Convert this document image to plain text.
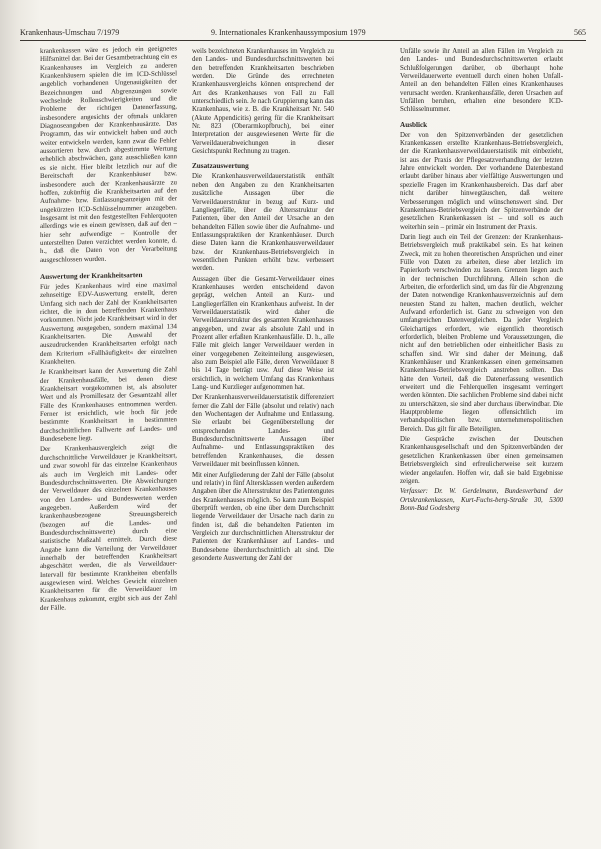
Krankenhaus-Umschau 7/1979	9. Internationales Krankenhaussymposium 1979	565

krankenkassen wäre es jedoch ein geeignetes Hilfsmittel dar. Bei der Gesamtbetrachtung ein es Krankenhauses im Vergleich zu anderen Krankenhäusern spielen die im ICD-Schlüssel angeblich vorhandenen Ungenauigkeiten der Bezeichnungen und Abgrenzungen sowie wechselnde Rollenschwierigkeiten und die Probleme der richtigen Datenerfassung, insbesondere angesichts der oftmals unklaren Diagnoseangaben der Krankenhausärzte. Das Programm, das wir entwickelt haben und auch weiter entwickeln werden, kann zwar die Fehler aussortieren bzw. durch abgestimmte Wertung erheblich abschwächen, ganz ausschließen kann es sie nicht. Hier bleibt letztlich nur auf die Bereitschaft der Krankenhäuser bzw. insbesondere auch der Krankenhausärzte zu hoffen, zukünftig die Krankheitsarten auf den Aufnahme- bzw. Entlassungsanzeigen mit der ungekürzten ICD-Schlüsselnummer anzugeben. Insgesamt ist mit den festgestellten Fehlerquoten allerdings wie es einem gewissen, daß auf den – hier sehr aufwendige – Kontrolle der unterstellten Daten verzichtet werden konnte, d. h., daß die Daten von der Verarbeitung ausgeschlossen wurden.

Auswertung der Krankheitsarten

Für jedes Krankenhaus wird eine maximal zehnseitige EDV-Auswertung erstellt, deren Umfang sich nach der Zahl der Krankheitsarten richtet, die in dem betreffenden Krankenhaus vorkommen. Nicht jede Krankheitsart wird in der Auswertung ausgegeben, sondern maximal 134 Krankheitsarten. Die Auswahl der auszudruckenden Krankheitsarten erfolgt nach dem Kriterium »Fallhäufigkeit« der einzelnen Krankheiten.

Je Krankheitsart kann der Auswertung die Zahl der Krankenhausfälle, bei denen diese Krankheitsart vorgekommen ist, als absoluter Wert und als Promillesatz der Gesamtzahl aller Fälle des Krankenhauses entnommen werden. Ferner ist ersichtlich, wie hoch für jede bestimmte Krankheitsart in bestimmten durchschnittlichen Fallwerte auf Landes- und Bundesebene liegt.

Der Krankenhausvergleich zeigt die durchschnittliche Verweildauer je Krankheitsart, und zwar sowohl für das einzelne Krankenhaus als auch im Vergleich mit Landes- oder Bundesdurchschnittswerten. Die Abweichungen der Verweildauer des einzelnen Krankenhauses von den Landes- und Bundeswerten werden angegeben. Außerdem wird der krankenhausbezogene Streuungsbereich (bezogen auf die Landes- und Bundesdurchschnittswerte) durch eine statistische Maßzahl ermittelt. Durch diese Angabe kann die Verteilung der Verweildauer innerhalb der betreffenden Krankheitsart abgeschätzt werden, die als Verweildauer-Intervall für bestimmte Krankheiten ebenfalls ausgewiesen wird. Welches Gewicht einzelnen Krankheitsarten für die Verweildauer im Krankenhaus zukommt, ergibt sich aus der Zahl der Fälle.

weils bezeichneten Krankenhauses im Vergleich zu den Landes- und Bundesdurchschnittswerten bei den betreffenden Krankheitsarten beschrieben werden. Die Gründe des errechneten Krankenhausvergleichs können entsprechend der Art des Krankenhauses von Fall zu Fall unterschiedlich sein. Je nach Gruppierung kann das Krankenhaus, wie z. B. die Krankheitsart Nr. 540 (Akute Appendicitis) gering für die Krankheitsart Nr. 823 (Oberarmkopfbruch), bei einer Interpretation der ausgewiesenen Werte für die Verweildauerabweichungen in dieser Gesichtspunkt Rechnung zu tragen.

Zusatzauswertung

Die Krankenhausverweildauerstatistik enthält neben den Angaben zu den Krankheitsarten zusätzliche Aussagen über die Verweildauerstruktur in bezug auf Kurz- und Langliegerfälle, über die Altersstruktur der Patienten, über den Anteil der Ursache an den behandelten Fällen sowie über die Aufnahme- und Entlassungspraktiken der Krankenhäuser. Durch diese Daten kann die Krankenhausverweildauer bzw. der Krankenhaus-Betriebsvergleich in wesentlichen Punkten erhöht bzw. verbessert werden.

Aussagen über die Gesamt-Verweildauer eines Krankenhauses werden entscheidend davon geprägt, welchen Anteil an Kurz- und Langliegerfällen ein Krankenhaus aufweist. In der Verweildauerstatistik wird daher die Verweildauerstruktur des gesamten Krankenhauses angegeben, und zwar als absolute Zahl und in Prozent aller erfaßten Krankenhausfälle. D. h., alle Fälle mit gleich langer Verweildauer werden in einer vorgegebenen Zeiteinteilung ausgewiesen, also zum Beispiel alle Fälle, deren Verweildauer 8 bis 14 Tage beträgt usw. Auf diese Weise ist ersichtlich, in welchem Umfang das Krankenhaus Lang- und Kurzlieger aufgenommen hat.

Der Krankenhausverweildauerstatistik differenziert ferner die Zahl der Fälle (absolut und relativ) nach den Wochentagen der Aufnahme und Entlassung. Sie erlaubt bei Gegenüberstellung der entsprechenden Landes- und Bundesdurchschnittswerte Aussagen über Aufnahme- und Entlassungspraktiken des betreffenden Krankenhauses, die dessen Verweildauer mit beeinflussen können.

Mit einer Aufgliederung der Zahl der Fälle (absolut und relativ) in fünf Altersklassen werden außerdem Angaben über die Altersstruktur des Patientengutes des Krankenhauses möglich. So kann zum Beispiel überprüft werden, ob eine über dem Durchschnitt liegende Verweildauer der Ursache nach darin zu finden ist, daß die behandelten Patienten im Vergleich zur durchschnittlichen Altersstruktur der Patienten der Krankenhäuser auf Landes- und Bundesebene überdurchschnittlich alt sind. Die gesonderte Auswertung der Zahl der

Unfälle sowie ihr Anteil an allen Fällen im Vergleich zu den Landes- und Bundesdurchschnittswerten erlaubt Schlußfolgerungen darüber, ob überhaupt hohe Verweildauerwerte eventuell durch einen hohen Unfall-Anteil an den behandelten Fällen eines Krankenhauses verursacht werden. Krankenhausfälle, deren Ursachen auf Unfällen beruhen, erhalten eine besondere ICD-Schlüsselnummer.

Ausblick

Der von den Spitzenverbänden der gesetzlichen Krankenkassen erstellte Krankenhaus-Betriebsvergleich, der die Krankenhausverweildauerstatistik mit einbezieht, ist aus der Praxis der Pflegesatzverhandlung der letzten Jahre entwickelt worden. Der vorhandene Datenbestand erlaubt darüber hinaus aber vielfältige Auswertungen und spezielle Fragen im Krankenhausbereich. Das darf aber nicht darüber hinwegtäuschen, daß weitere Verbesserungen möglich und wünschenswert sind. Der Krankenhaus-Betriebsvergleich der Spitzenverbände der gesetzlichen Krankenkassen ist – und soll es auch weiterhin sein – primär ein Instrument der Praxis.

Darin liegt auch ein Teil der Grenzen: der Krankenhaus-Betriebsvergleich muß praktikabel sein. Es hat keinen Zweck, mit zu hohen theoretischen Ansprüchen und einer Fülle von Daten zu arbeiten, diese aber letzlich im Papierkorb verschwinden zu lassen. Grenzen liegen auch in der technischen Durchführung. Allein schon die Arbeiten, die erforderlich sind, um das für die Abgrenzung der Daten notwendige Krankenhausverzeichnis auf dem neuesten Stand zu halten, machen deutlich, welcher Aufwand erforderlich ist. Ganz zu schweigen von den umfangreichen Datenvergleichen. Da jeder Vergleich Gleichartiges erfordert, wie eigentlich theoretisch erforderlich, bleiben Probleme und Voraussetzungen, die nicht auf den betrieblichen oder einheitlicher Basis zu schaffen sind. Wir sind daher der Meinung, daß Krankenhäuser und Krankenkassen einen gemeinsamen Krankenhaus-Betriebsvergleich anstreben sollten. Das hätte den Vorteil, daß die Datenerfassung wesentlich erweitert und die Fehlerquellen insgesamt verringert werden könnten. Die sachlichen Probleme sind dabei nicht zu unterschätzen, sie sind aber durchaus überwindbar. Die Hauptprobleme liegen offensichtlich im verbandspolitischen bzw. unternehmenspolitischen Bereich. Das gilt für alle Beteiligten.

Die Gespräche zwischen der Deutschen Krankenhausgesellschaft und den Spitzenverbänden der gesetzlichen Krankenkassen über einen gemeinsamen Betriebsvergleich sind erfreulicherweise seit kurzem wieder angelaufen. Hoffen wir, daß sie bald Ergebnisse zeigen.

Verfasser: Dr. W. Gerdelmann, Bundesverband der Ortskrankenkassen, Kurt-Fuchs-berg-Straße 30, 5300 Bonn-Bad Godesberg
